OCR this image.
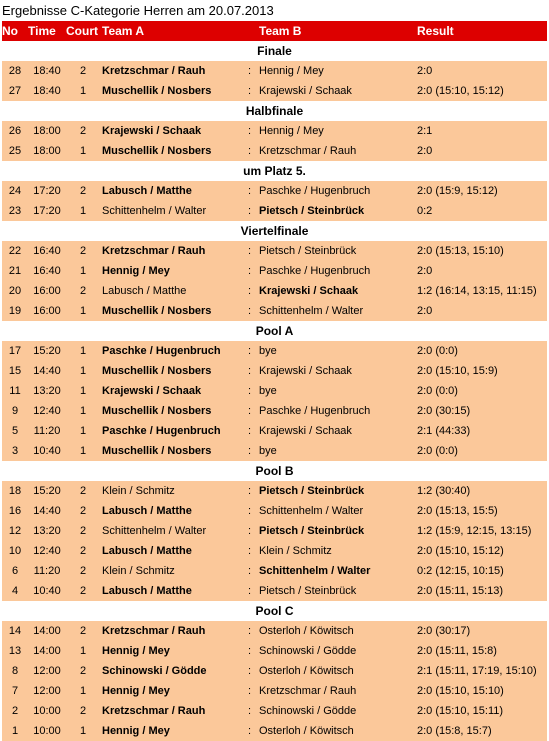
Ergebnisse C-Kategorie Herren am 20.07.2013
No	Time	Court	Team A		Team B	Result
Finale						
28	18:40	2	Kretzschmar / Rauh	:	Hennig / Mey	2:0
27	18:40	1	Muschellik / Nosbers	:	Krajewski / Schaak	2:0 (15:10, 15:12)
Halbfinale						
26	18:00	2	Krajewski / Schaak	:	Hennig / Mey	2:1
25	18:00	1	Muschellik / Nosbers	:	Kretzschmar / Rauh	2:0
um Platz 5.						
24	17:20	2	Labusch / Matthe	:	Paschke / Hugenbruch	2:0 (15:9, 15:12)
23	17:20	1	Schittenhelm / Walter	:	Pietsch / Steinbrück	0:2
Viertelfinale						
22	16:40	2	Kretzschmar / Rauh	:	Pietsch / Steinbrück	2:0 (15:13, 15:10)
21	16:40	1	Hennig / Mey	:	Paschke / Hugenbruch	2:0
20	16:00	2	Labusch / Matthe	:	Krajewski / Schaak	1:2 (16:14, 13:15, 11:15)
19	16:00	1	Muschellik / Nosbers	:	Schittenhelm / Walter	2:0
Pool A						
17	15:20	1	Paschke / Hugenbruch	:	bye	2:0 (0:0)
15	14:40	1	Muschellik / Nosbers	:	Krajewski / Schaak	2:0 (15:10, 15:9)
11	13:20	1	Krajewski / Schaak	:	bye	2:0 (0:0)
9	12:40	1	Muschellik / Nosbers	:	Paschke / Hugenbruch	2:0 (30:15)
5	11:20	1	Paschke / Hugenbruch	:	Krajewski / Schaak	2:1 (44:33)
3	10:40	1	Muschellik / Nosbers	:	bye	2:0 (0:0)
Pool B						
18	15:20	2	Klein / Schmitz	:	Pietsch / Steinbrück	1:2 (30:40)
16	14:40	2	Labusch / Matthe	:	Schittenhelm / Walter	2:0 (15:13, 15:5)
12	13:20	2	Schittenhelm / Walter	:	Pietsch / Steinbrück	1:2 (15:9, 12:15, 13:15)
10	12:40	2	Labusch / Matthe	:	Klein / Schmitz	2:0 (15:10, 15:12)
6	11:20	2	Klein / Schmitz	:	Schittenhelm / Walter	0:2 (12:15, 10:15)
4	10:40	2	Labusch / Matthe	:	Pietsch / Steinbrück	2:0 (15:11, 15:13)
Pool C						
14	14:00	2	Kretzschmar / Rauh	:	Osterloh / Köwitsch	2:0 (30:17)
13	14:00	1	Hennig / Mey	:	Schinowski / Gödde	2:0 (15:11, 15:8)
8	12:00	2	Schinowski / Gödde	:	Osterloh / Köwitsch	2:1 (15:11, 17:19, 15:10)
7	12:00	1	Hennig / Mey	:	Kretzschmar / Rauh	2:0 (15:10, 15:10)
2	10:00	2	Kretzschmar / Rauh	:	Schinowski / Gödde	2:0 (15:10, 15:11)
1	10:00	1	Hennig / Mey	:	Osterloh / Köwitsch	2:0 (15:8, 15:7)
